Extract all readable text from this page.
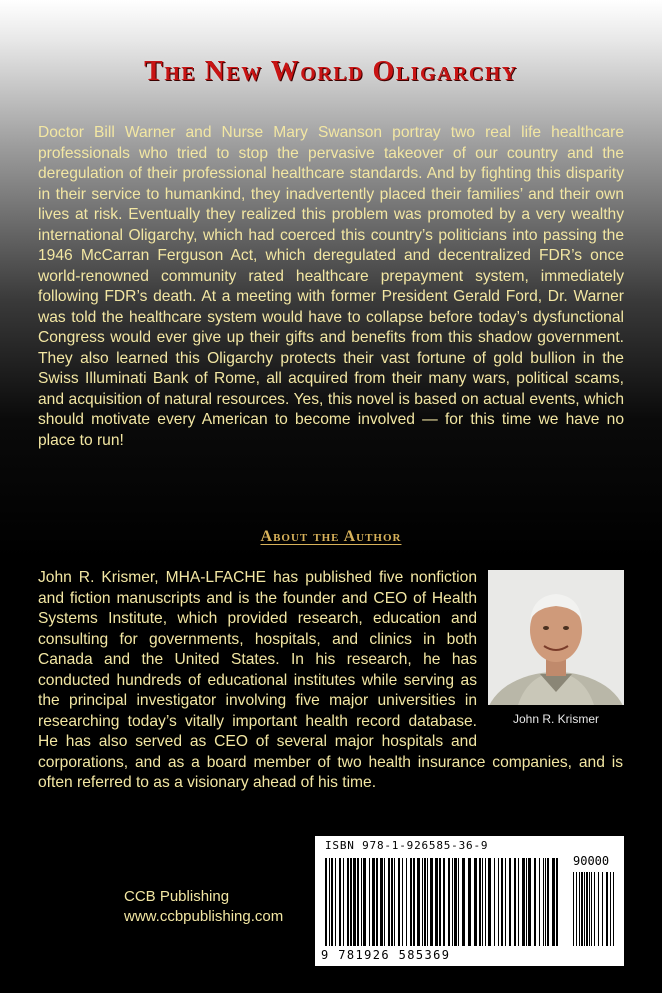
The New World Oligarchy

Doctor Bill Warner and Nurse Mary Swanson portray two real life healthcare professionals who tried to stop the pervasive takeover of our country and the deregulation of their professional healthcare standards. And by fighting this disparity in their service to humankind, they inadvertently placed their families’ and their own lives at risk. Eventually they realized this problem was promoted by a very wealthy international Oligarchy, which had coerced this country’s politicians into passing the 1946 McCarran Ferguson Act, which deregulated and decentralized FDR’s once world-renowned community rated healthcare prepayment system, immediately following FDR’s death. At a meeting with former President Gerald Ford, Dr. Warner was told the healthcare system would have to collapse before today’s dysfunctional Congress would ever give up their gifts and benefits from this shadow government. They also learned this Oligarchy protects their vast fortune of gold bullion in the Swiss Illuminati Bank of Rome, all acquired from their many wars, political scams, and acquisition of natural resources. Yes, this novel is based on actual events, which should motivate every American to become involved — for this time we have no place to run!

About the Author
John R. Krismer, MHA-LFACHE has published five nonfiction and fiction manuscripts and is the founder and CEO of Health Systems Institute, which provided research, education and consulting for governments, hospitals, and clinics in both Canada and the United States. In his research, he has conducted hundreds of educational institutes while serving as the principal investigator involving five major universities in researching today’s vitally important health record database. He has also served as CEO of several major hospitals and corporations, and as a board member of two health insurance companies, and is often referred to as a visionary ahead of his time.
John R. Krismer
ISBN 978-1-926585-36-9
90000
9 781926 585369
CCB Publishing
www.ccbpublishing.com
